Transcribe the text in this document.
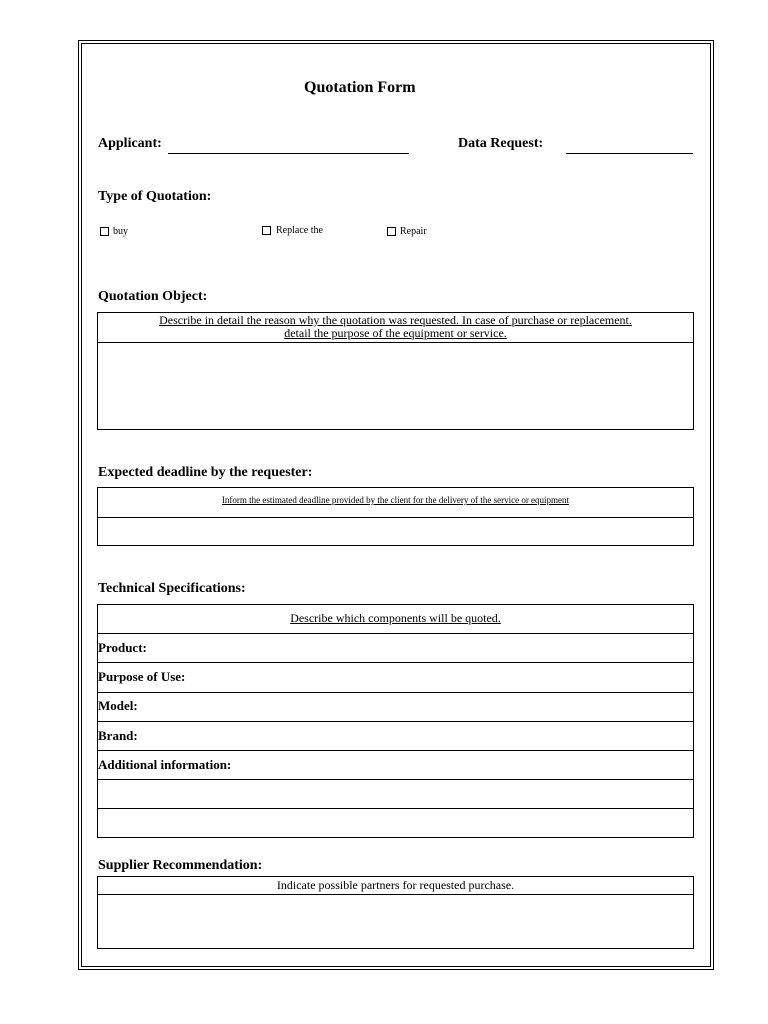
Quotation Form
Applicant:	Data Request:
Type of Quotation:
buy	Replace the	Repair
Quotation Object:
Describe in detail the reason why the quotation was requested. In case of purchase or replacement.
detail the purpose of the equipment or service.
Expected deadline by the requester:
Inform the estimated deadline provided by the client for the delivery of the service or equipment
Technical Specifications:
Describe which components will be quoted.
Product:
Purpose of Use:
Model:
Brand:
Additional information:
Supplier Recommendation:
Indicate possible partners for requested purchase.
